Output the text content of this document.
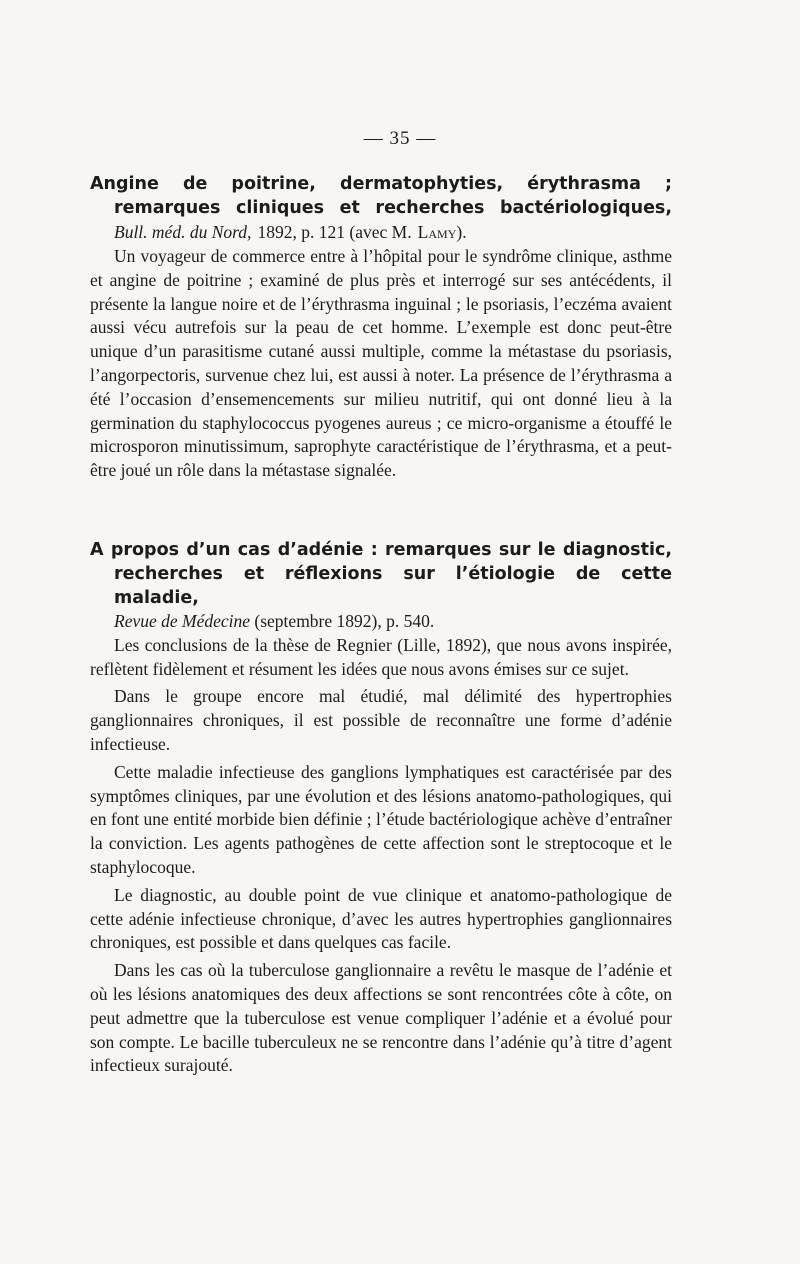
— 35 —

Angine de poitrine, dermatophyties, érythrasma ; remarques cliniques et recherches bactériologiques, Bull. méd. du Nord, 1892, p. 121 (avec M. Lamy).

Un voyageur de commerce entre à l’hôpital pour le syndrôme clinique, asthme et angine de poitrine ; examiné de plus près et interrogé sur ses antécédents, il présente la langue noire et de l’érythrasma inguinal ; le psoriasis, l’eczéma avaient aussi vécu autrefois sur la peau de cet homme. L’exemple est donc peut-être unique d’un parasitisme cutané aussi multiple, comme la métastase du psoriasis, l’angorpectoris, survenue chez lui, est aussi à noter. La présence de l’érythrasma a été l’occasion d’ensemencements sur milieu nutritif, qui ont donné lieu à la germination du staphylococcus pyogenes aureus ; ce micro-organisme a étouffé le microsporon minutissimum, saprophyte caractéristique de l’érythrasma, et a peut-être joué un rôle dans la métastase signalée.

A propos d’un cas d’adénie : remarques sur le diagnostic, recherches et réflexions sur l’étiologie de cette maladie,

Revue de Médecine (septembre 1892), p. 540.

Les conclusions de la thèse de Regnier (Lille, 1892), que nous avons inspirée, reflètent fidèlement et résument les idées que nous avons émises sur ce sujet.

Dans le groupe encore mal étudié, mal délimité des hypertrophies ganglionnaires chroniques, il est possible de reconnaître une forme d’adénie infectieuse.

Cette maladie infectieuse des ganglions lymphatiques est caractérisée par des symptômes cliniques, par une évolution et des lésions anatomo-pathologiques, qui en font une entité morbide bien définie ; l’étude bactériologique achève d’entraîner la conviction. Les agents pathogènes de cette affection sont le streptocoque et le staphylocoque.

Le diagnostic, au double point de vue clinique et anatomo-pathologique de cette adénie infectieuse chronique, d’avec les autres hypertrophies ganglionnaires chroniques, est possible et dans quelques cas facile.

Dans les cas où la tuberculose ganglionnaire a revêtu le masque de l’adénie et où les lésions anatomiques des deux affections se sont rencontrées côte à côte, on peut admettre que la tuberculose est venue compliquer l’adénie et a évolué pour son compte. Le bacille tuberculeux ne se rencontre dans l’adénie qu’à titre d’agent infectieux surajouté.
